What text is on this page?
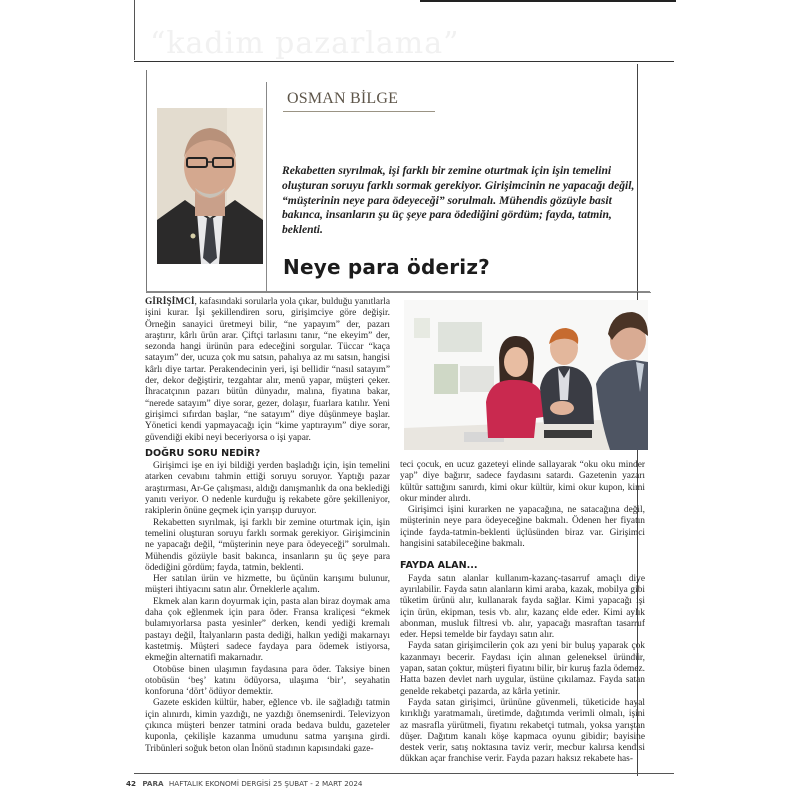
“kadim pazarlama”
OSMAN BİLGE
Rekabetten sıyrılmak, işi farklı bir zemine oturtmak için işin temelini oluşturan soruyu farklı sormak gerekiyor. Girişimcinin ne yapacağı değil, “müşterinin neye para ödeyeceği” sorulmalı. Mühendis gözüyle basit bakınca, insanların şu üç şeye para ödediğini gördüm; fayda, tatmin, beklenti.
Neye para öderiz?

GİRİŞİMCİ, kafasındaki sorularla yola çıkar, bulduğu yanıtlarla işini kurar. İşi şekillendiren soru, girişimciye göre değişir. Örneğin sanayici üretmeyi bilir, “ne yapayım” der, pazarı araştırır, kârlı ürün arar. Çiftçi tarlasını tanır, “ne ekeyim” der, sezonda hangi ürünün para edeceğini sorgular. Tüccar “kaça satayım” der, ucuza çok mu satsın, pahalıya az mı satsın, hangisi kârlı diye tartar. Perakendecinin yeri, işi bellidir “nasıl satayım” der, dekor değiştirir, tezgahtar alır, menü yapar, müşteri çeker. İhracatçının pazarı bütün dünyadır, malına, fiyatına bakar, “nerede satayım” diye sorar, gezer, dolaşır, fuarlara katılır. Yeni girişimci sıfırdan başlar, “ne satayım” diye düşünmeye başlar. Yönetici kendi yapmayacağı için “kime yaptırayım” diye sorar, güvendiği ekibi neyi beceriyorsa o işi yapar.

DOĞRU SORU NEDİR?

Girişimci işe en iyi bildiği yerden başladığı için, işin temelini atarken cevabını tahmin ettiği soruyu soruyor. Yaptığı pazar araştırması, Ar-Ge çalışması, aldığı danışmanlık da ona beklediği yanıtı veriyor. O nedenle kurduğu iş rekabete göre şekilleniyor, rakiplerin önüne geçmek için yarışıp duruyor.

Rekabetten sıyrılmak, işi farklı bir zemine oturtmak için, işin temelini oluşturan soruyu farklı sormak gerekiyor. Girişimcinin ne yapacağı değil, “müşterinin neye para ödeyeceği” sorulmalı. Mühendis gözüyle basit bakınca, insanların şu üç şeye para ödediğini gördüm; fayda, tatmin, beklenti.

Her satılan ürün ve hizmette, bu üçünün karışımı bulunur, müşteri ihtiyacını satın alır. Örneklerle açalım.

Ekmek alan karın doyurmak için, pasta alan biraz doymak ama daha çok eğlenmek için para öder. Fransa kraliçesi “ekmek bulamıyorlarsa pasta yesinler” derken, kendi yediği kremalı pastayı değil, İtalyanların pasta dediği, halkın yediği makarnayı kastetmiş. Müşteri sadece faydaya para ödemek istiyorsa, ekmeğin alternatifi makarnadır.

Otobüse binen ulaşımın faydasına para öder. Taksiye binen otobüsün ‘beş’ katını ödüyorsa, ulaşıma ‘bir’, seyahatin konforuna ‘dört’ ödüyor demektir.

Gazete eskiden kültür, haber, eğlence vb. ile sağladığı tatmin için alınırdı, kimin yazdığı, ne yazdığı önemsenirdi. Televizyon çıkınca müşteri benzer tatmini orada bedava buldu, gazeteler kuponla, çekilişle kazanma umudunu satma yarışına girdi. Tribünleri soğuk beton olan İnönü stadının kapısındaki gaze-

teci çocuk, en ucuz gazeteyi elinde sallayarak “oku oku minder yap” diye bağırır, sadece faydasını satardı. Gazetenin yazarı kültür sattığını sanırdı, kimi okur kültür, kimi okur kupon, kimi okur minder alırdı.

Girişimci işini kurarken ne yapacağına, ne satacağına değil, müşterinin neye para ödeyeceğine bakmalı. Ödenen her fiyatın içinde fayda-tatmin-beklenti üçlüsünden biraz var. Girişimci hangisini satabileceğine bakmalı.

FAYDA ALAN...

Fayda satın alanlar kullanım-kazanç-tasarruf amaçlı diye ayırılabilir. Fayda satın alanların kimi araba, kazak, mobilya gibi tüketim ürünü alır, kullanarak fayda sağlar. Kimi yapacağı işi için ürün, ekipman, tesis vb. alır, kazanç elde eder. Kimi aylık abonman, musluk filtresi vb. alır, yapacağı masraftan tasarruf eder. Hepsi temelde bir faydayı satın alır.

Fayda satan girişimcilerin çok azı yeni bir buluş yaparak çok kazanmayı becerir. Faydası için alınan geleneksel üründür, yapan, satan çoktur, müşteri fiyatını bilir, bir kuruş fazla ödemez. Hatta bazen devlet narh uygular, üstüne çıkılamaz. Fayda satan genelde rekabetçi pazarda, az kârla yetinir.

Fayda satan girişimci, ürününe güvenmeli, tüketicide hayal kırıklığı yaratmamalı, üretimde, dağıtımda verimli olmalı, işini az masrafla yürütmeli, fiyatını rekabetçi tutmalı, yoksa yarıştan düşer. Dağıtım kanalı köşe kapmaca oyunu gibidir; bayisine destek verir, satış noktasına taviz verir, mecbur kalırsa kendisi dükkan açar franchise verir. Fayda pazarı haksız rekabete has-

42 PARA HAFTALIK EKONOMİ DERGİSİ 25 ŞUBAT - 2 MART 2024
